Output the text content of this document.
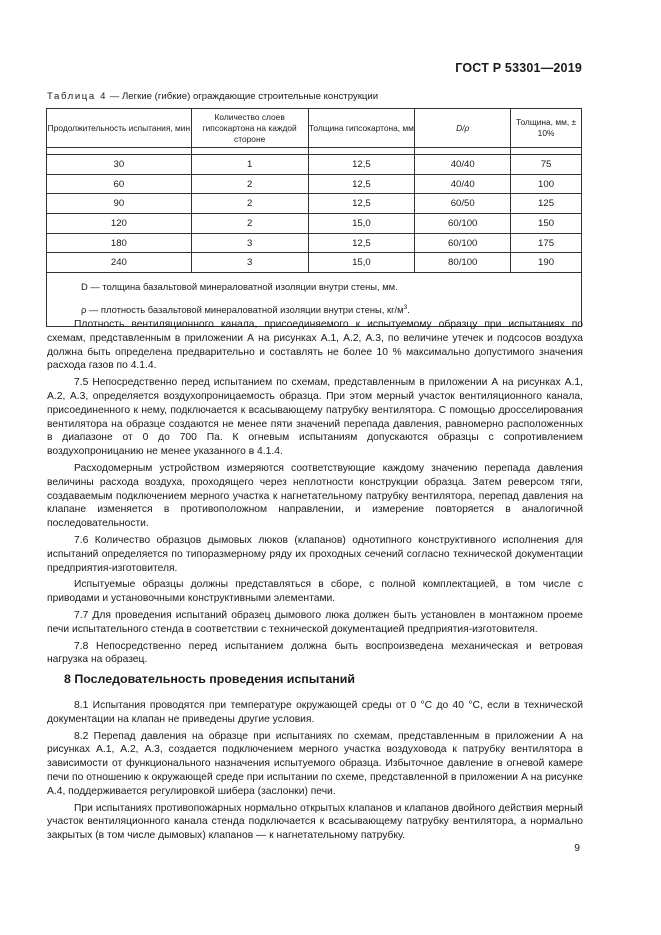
ГОСТ Р 53301—2019
Таблица 4 — Легкие (гибкие) ограждающие строительные конструкции
Продолжительность испытания, мин	Количество слоев гипсокартона на каждой стороне	Толщина гипсокартона, мм	D/ρ	Толщина, мм, ± 10%

30	1	12,5	40/40	75
60	2	12,5	40/40	100
90	2	12,5	60/50	125
120	2	15,0	60/100	150
180	3	12,5	60/100	175
240	3	15,0	80/100	190

D — толщина базальтовой минераловатной изоляции внутри стены, мм.
ρ — плотность базальтовой минераловатной изоляции внутри стены, $кг/м^3$.				

Плотность вентиляционного канала, присоединяемого к испытуемому образцу при испытаниях по схемам, представленным в приложении А на рисунках А.1, А.2, А.3, по величине утечек и подсосов воздуха должна быть определена предварительно и составлять не более 10 % максимально допустимого значения расхода газов по 4.1.4.

7.5 Непосредственно перед испытанием по схемам, представленным в приложении А на рисунках А.1, А.2, А.3, определяется воздухопроницаемость образца. При этом мерный участок вентиляционного канала, присоединенного к нему, подключается к всасывающему патрубку вентилятора. С помощью дросселирования вентилятора на образце создаются не менее пяти значений перепада давления, равномерно расположенных в диапазоне от 0 до 700 Па. К огневым испытаниям допускаются образцы с сопротивлением воздухопроницанию не менее указанного в 4.1.4.

Расходомерным устройством измеряются соответствующие каждому значению перепада давления величины расхода воздуха, проходящего через неплотности конструкции образца. Затем реверсом тяги, создаваемым подключением мерного участка к нагнетательному патрубку вентилятора, перепад давления на клапане изменяется в противоположном направлении, и измерение повторяется в аналогичной последовательности.

7.6 Количество образцов дымовых люков (клапанов) однотипного конструктивного исполнения для испытаний определяется по типоразмерному ряду их проходных сечений согласно технической документации предприятия-изготовителя.

Испытуемые образцы должны представляться в сборе, с полной комплектацией, в том числе с приводами и установочными конструктивными элементами.

7.7 Для проведения испытаний образец дымового люка должен быть установлен в монтажном проеме печи испытательного стенда в соответствии с технической документацией предприятия-изготовителя.

7.8 Непосредственно перед испытанием должна быть воспроизведена механическая и ветровая нагрузка на образец.

8 Последовательность проведения испытаний

8.1 Испытания проводятся при температуре окружающей среды от 0 °С до 40 °С, если в технической документации на клапан не приведены другие условия.

8.2 Перепад давления на образце при испытаниях по схемам, представленным в приложении А на рисунках А.1, А.2, А.3, создается подключением мерного участка воздуховода к патрубку вентилятора в зависимости от функционального назначения испытуемого образца. Избыточное давление в огневой камере печи по отношению к окружающей среде при испытании по схеме, представленной в приложении А на рисунке А.4, поддерживается регулировкой шибера (заслонки) печи.

При испытаниях противопожарных нормально открытых клапанов и клапанов двойного действия мерный участок вентиляционного канала стенда подключается к всасывающему патрубку вентилятора, а нормально закрытых (в том числе дымовых) клапанов — к нагнетательному патрубку.

9
